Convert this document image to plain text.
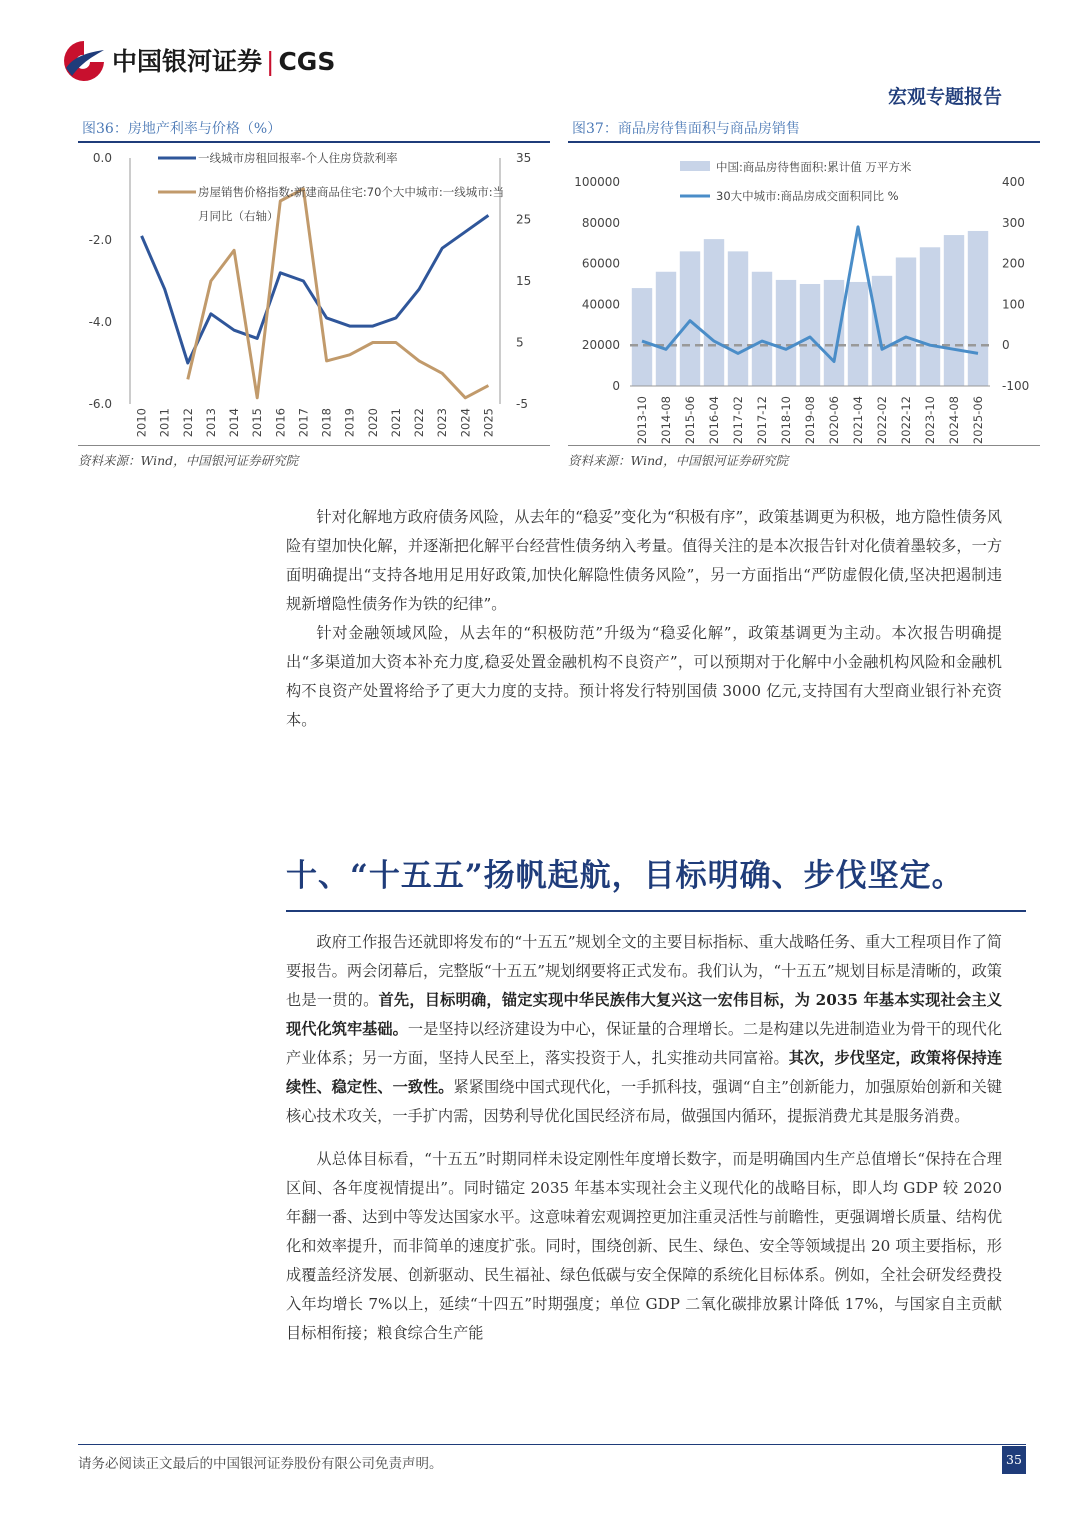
中国银河证券 | CGS
宏观专题报告
图36：房地产利率与价格（%）	图37：商品房待售面积与商品房销售
0.0
-2.0
-4.0
-6.0
35
25
15
5
-5
2010 2011 2012 2013 2014 2015 2016 2017 2018 2019 2020 2021 2022 2023 2024 2025
一线城市房租回报率-个人住房贷款利率
房屋销售价格指数:新建商品住宅:70个大中城市:一线城市:当
月同比（右轴）
100000
80000
60000
40000
20000
0
400
300
200
100
0
-100
2013-10 2014-08 2015-06 2016-04 2017-02 2017-12 2018-10 2019-08 2020-06 2021-04 2022-02 2022-12 2023-10 2024-08 2025-06
中国:商品房待售面积:累计值 万平方米
30大中城市:商品房成交面积同比 %
资料来源：Wind，中国银河证券研究院	资料来源：Wind，中国银河证券研究院

针对化解地方政府债务风险，从去年的“稳妥”变化为“积极有序”，政策基调更为积极，地方隐性债务风险有望加快化解，并逐渐把化解平台经营性债务纳入考量。值得关注的是本次报告针对化债着墨较多，一方面明确提出“支持各地用足用好政策,加快化解隐性债务风险”，另一方面指出“严防虚假化债,坚决把遏制违规新增隐性债务作为铁的纪律”。

针对金融领域风险，从去年的“积极防范”升级为“稳妥化解”，政策基调更为主动。本次报告明确提出“多渠道加大资本补充力度,稳妥处置金融机构不良资产”，可以预期对于化解中小金融机构风险和金融机构不良资产处置将给予了更大力度的支持。预计将发行特别国债 3000 亿元,支持国有大型商业银行补充资本。

十、“十五五”扬帆起航，目标明确、步伐坚定。

政府工作报告还就即将发布的“十五五”规划全文的主要目标指标、重大战略任务、重大工程项目作了简要报告。两会闭幕后，完整版“十五五”规划纲要将正式发布。我们认为，“十五五”规划目标是清晰的，政策也是一贯的。首先，目标明确，锚定实现中华民族伟大复兴这一宏伟目标，为 2035 年基本实现社会主义现代化筑牢基础。一是坚持以经济建设为中心，保证量的合理增长。二是构建以先进制造业为骨干的现代化产业体系；另一方面，坚持人民至上，落实投资于人，扎实推动共同富裕。其次，步伐坚定，政策将保持连续性、稳定性、一致性。紧紧围绕中国式现代化，一手抓科技，强调“自主”创新能力，加强原始创新和关键核心技术攻关，一手扩内需，因势利导优化国民经济布局，做强国内循环，提振消费尤其是服务消费。

从总体目标看，“十五五”时期同样未设定刚性年度增长数字，而是明确国内生产总值增长“保持在合理区间、各年度视情提出”。同时锚定 2035 年基本实现社会主义现代化的战略目标，即人均 GDP 较 2020 年翻一番、达到中等发达国家水平。这意味着宏观调控更加注重灵活性与前瞻性，更强调增长质量、结构优化和效率提升，而非简单的速度扩张。同时，围绕创新、民生、绿色、安全等领域提出 20 项主要指标，形成覆盖经济发展、创新驱动、民生福祉、绿色低碳与安全保障的系统化目标体系。例如，全社会研发经费投入年均增长 7%以上，延续“十四五”时期强度；单位 GDP 二氧化碳排放累计降低 17%，与国家自主贡献目标相衔接；粮食综合生产能

请务必阅读正文最后的中国银河证券股份有限公司免责声明。	35
